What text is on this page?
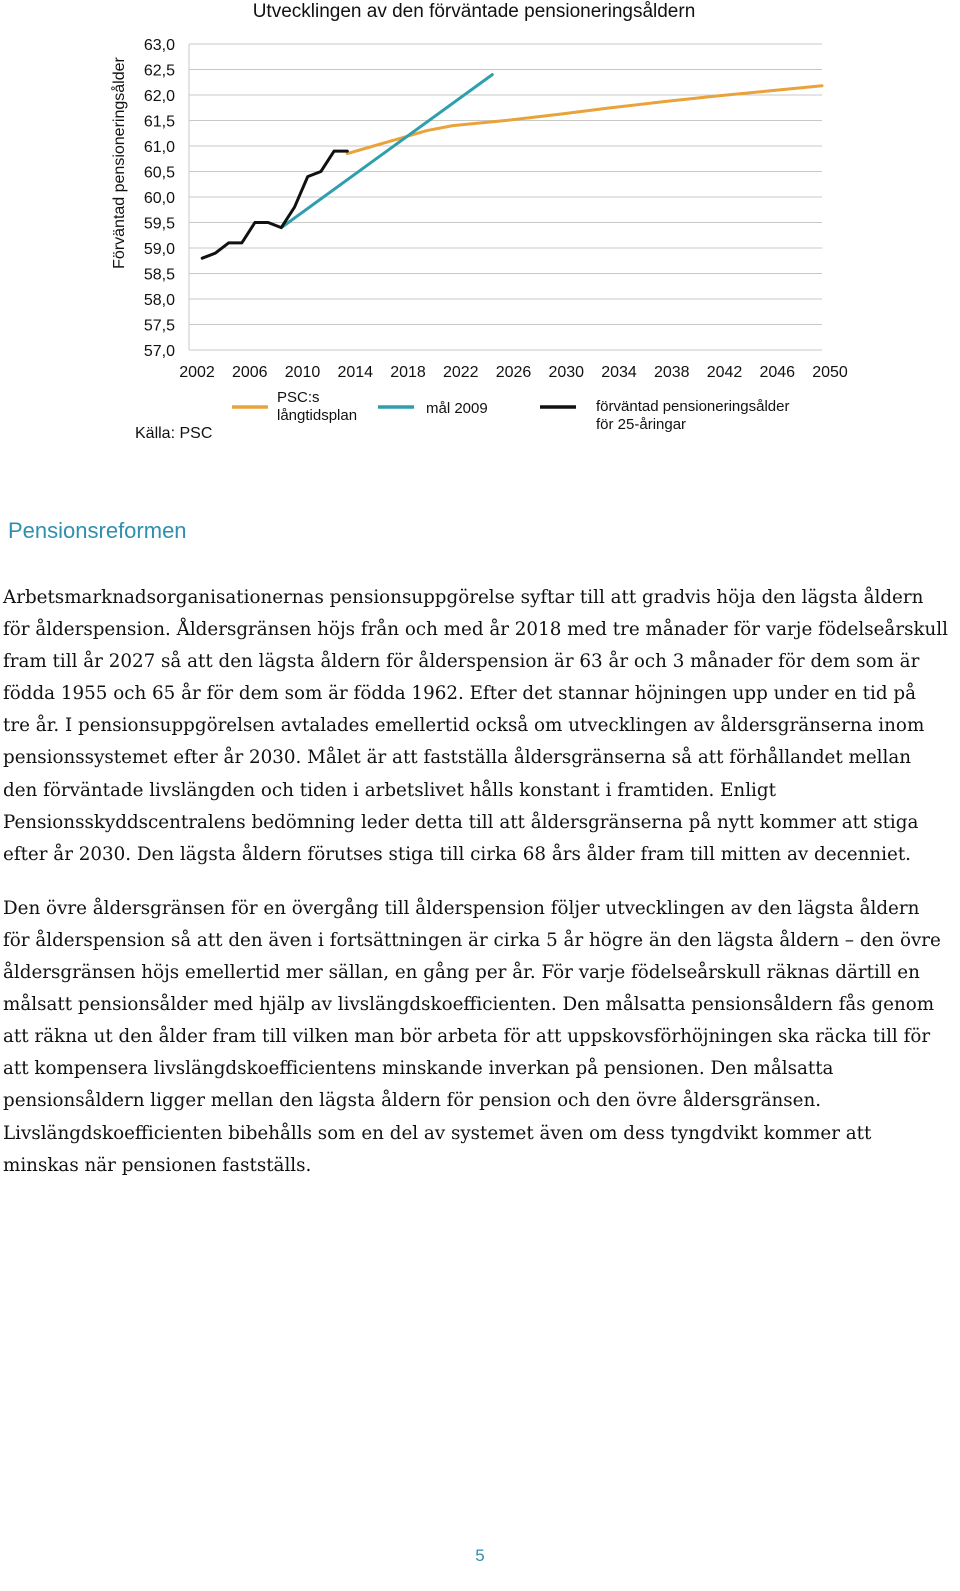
Utvecklingen av den förväntade pensioneringsåldern
Förväntad pensioneringsålder
63,0
62,5
62,0
61,5
61,0
60,5
60,0
59,5
59,0
58,5
58,0
57,5
57,0
2002 2006 2010 2014 2018 2022 2026 2030 2034 2038 2042 2046 2050
PSC:s
långtidsplan	mål 2009	förväntad pensioneringsålder
för 25-åringar
Källa: PSC
Pensionsreformen

Arbetsmarknadsorganisationernas pensionsuppgörelse syftar till att gradvis höja den lägsta åldern för ålderspension. Åldersgränsen höjs från och med år 2018 med tre månader för varje födelseårskull fram till år 2027 så att den lägsta åldern för ålderspension är 63 år och 3 månader för dem som är födda 1955 och 65 år för dem som är födda 1962. Efter det stannar höjningen upp under en tid på tre år. I pensionsuppgörelsen avtalades emellertid också om utvecklingen av åldersgränserna inom pensionssystemet efter år 2030. Målet är att fastställa åldersgränserna så att förhållandet mellan den förväntade livslängden och tiden i arbetslivet hålls konstant i framtiden. Enligt Pensionsskyddscentralens bedömning leder detta till att åldersgränserna på nytt kommer att stiga efter år 2030. Den lägsta åldern förutses stiga till cirka 68 års ålder fram till mitten av decenniet.

Den övre åldersgränsen för en övergång till ålderspension följer utvecklingen av den lägsta åldern för ålderspension så att den även i fortsättningen är cirka 5 år högre än den lägsta åldern – den övre åldersgränsen höjs emellertid mer sällan, en gång per år. För varje födelseårskull räknas därtill en målsatt pensionsålder med hjälp av livslängdskoefficienten. Den målsatta pensionsåldern fås genom att räkna ut den ålder fram till vilken man bör arbeta för att uppskovsförhöjningen ska räcka till för att kompensera livslängdskoefficientens minskande inverkan på pensionen. Den målsatta pensionsåldern ligger mellan den lägsta åldern för pension och den övre åldersgränsen. Livslängdskoefficienten bibehålls som en del av systemet även om dess tyngdvikt kommer att minskas när pensionen fastställs.

5
